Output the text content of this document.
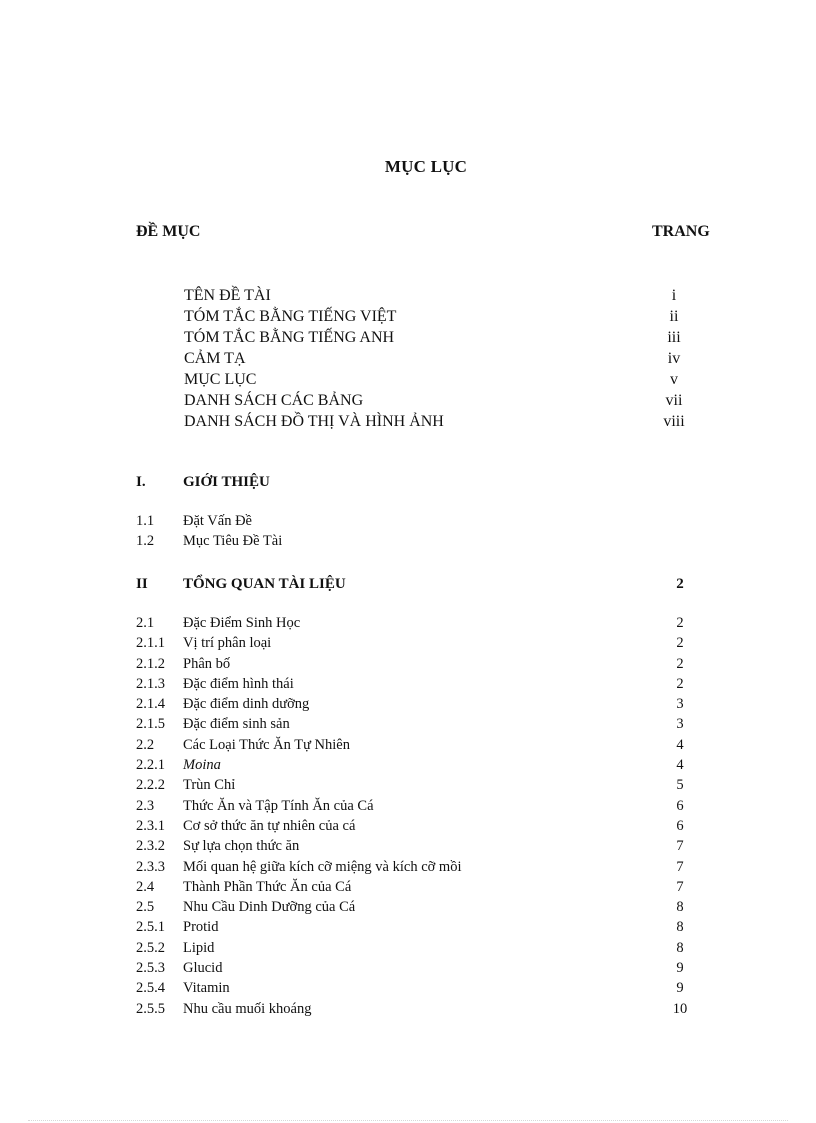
MỤC LỤC
ĐỀ MỤC	TRANG
TÊN ĐỀ TÀI	i
TÓM TẮC BẰNG TIẾNG VIỆT	ii
TÓM TẮC BẰNG TIẾNG ANH	iii
CẢM TẠ	iv
MỤC LỤC	v
DANH SÁCH CÁC BẢNG	vii
DANH SÁCH ĐỒ THỊ VÀ HÌNH ẢNH	viii
I. GIỚI THIỆU
1.1 Đặt Vấn Đề
1.2 Mục Tiêu Đề Tài
II TỔNG QUAN TÀI LIỆU	2
2.1 Đặc Điểm Sinh Học	2
2.1.1 Vị trí phân loại	2
2.1.2 Phân bố	2
2.1.3 Đặc điểm hình thái	2
2.1.4 Đặc điểm dinh dưỡng	3
2.1.5 Đặc điểm sinh sản	3
2.2 Các Loại Thức Ăn Tự Nhiên	4
2.2.1 Moina	4
2.2.2 Trùn Chỉ	5
2.3 Thức Ăn và Tập Tính Ăn của Cá	6
2.3.1 Cơ sở thức ăn tự nhiên của cá	6
2.3.2 Sự lựa chọn thức ăn	7
2.3.3 Mối quan hệ giữa kích cỡ miệng và kích cỡ mồi	7
2.4 Thành Phần Thức Ăn của Cá	7
2.5 Nhu Cầu Dinh Dưỡng của Cá	8
2.5.1 Protid	8
2.5.2 Lipid	8
2.5.3 Glucid	9
2.5.4 Vitamin	9
2.5.5 Nhu cầu muối khoáng	10
